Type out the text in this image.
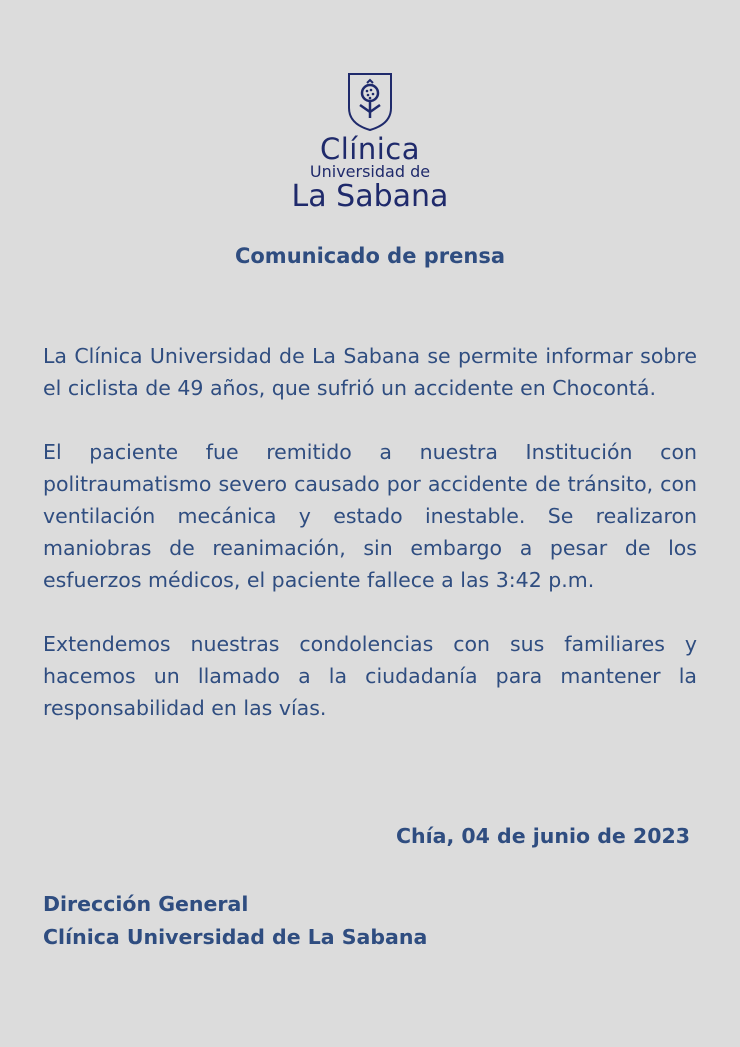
Clínica
Universidad de
La Sabana
Comunicado de prensa

La Clínica Universidad de La Sabana se permite informar sobre el ciclista de 49 años, que sufrió un accidente en Chocontá.

El paciente fue remitido a nuestra Institución con politraumatismo severo causado por accidente de tránsito, con ventilación mecánica y estado inestable. Se realizaron maniobras de reanimación, sin embargo a pesar de los esfuerzos médicos, el paciente fallece a las 3:42 p.m.

Extendemos nuestras condolencias con sus familiares y hacemos un llamado a la ciudadanía para mantener la responsabilidad en las vías.

Chía, 04 de junio de 2023
Dirección General
Clínica Universidad de La Sabana
